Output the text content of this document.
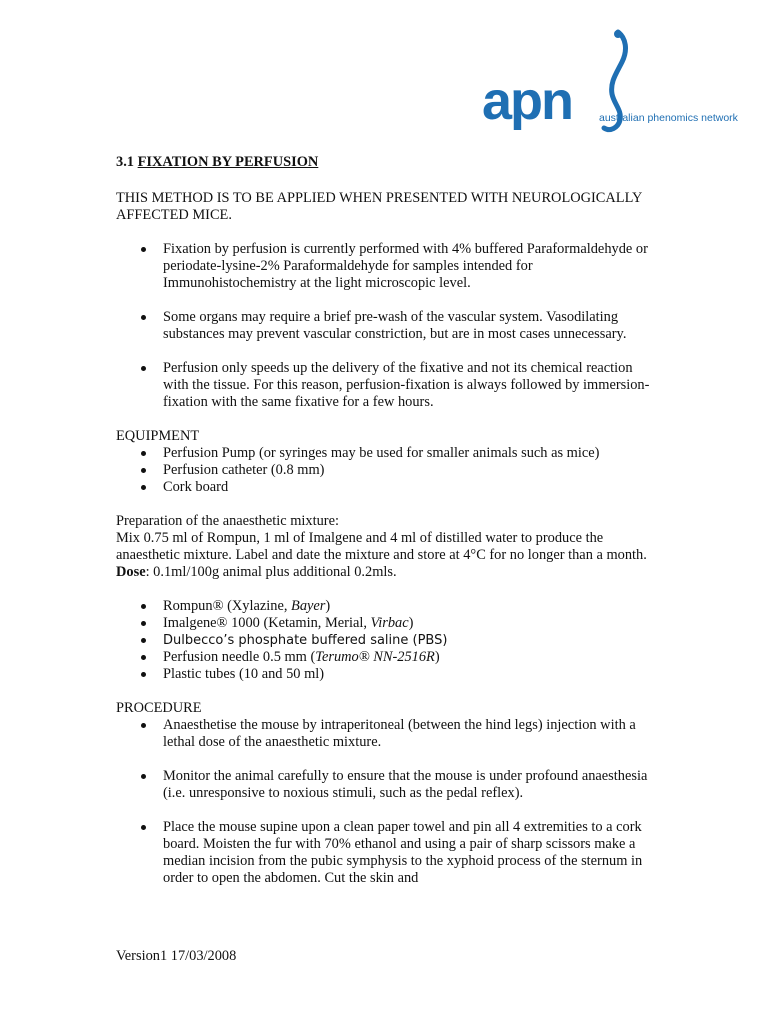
apn	australian phenomics network

3.1 FIXATION BY PERFUSION

THIS METHOD IS TO BE APPLIED WHEN PRESENTED WITH NEUROLOGICALLY AFFECTED MICE.

Fixation by perfusion is currently performed with 4% buffered Paraformaldehyde or periodate-lysine-2% Paraformaldehyde for samples intended for Immunohistochemistry at the light microscopic level.
Some organs may require a brief pre-wash of the vascular system. Vasodilating substances may prevent vascular constriction, but are in most cases unnecessary.
Perfusion only speeds up the delivery of the fixative and not its chemical reaction with the tissue. For this reason, perfusion-fixation is always followed by immersion-fixation with the same fixative for a few hours.

EQUIPMENT

Perfusion Pump (or syringes may be used for smaller animals such as mice)
Perfusion catheter (0.8 mm)
Cork board

Preparation of the anaesthetic mixture:

Mix 0.75 ml of Rompun, 1 ml of Imalgene and 4 ml of distilled water to produce the anaesthetic mixture. Label and date the mixture and store at 4°C for no longer than a month. Dose: 0.1ml/100g animal plus additional 0.2mls.

Rompun® (Xylazine, Bayer)
Imalgene® 1000 (Ketamin, Merial, Virbac)
Dulbecco’s phosphate buffered saline (PBS)
Perfusion needle 0.5 mm (Terumo® NN-2516R)
Plastic tubes (10 and 50 ml)

PROCEDURE

Anaesthetise the mouse by intraperitoneal (between the hind legs) injection with a lethal dose of the anaesthetic mixture.
Monitor the animal carefully to ensure that the mouse is under profound anaesthesia (i.e. unresponsive to noxious stimuli, such as the pedal reflex).
Place the mouse supine upon a clean paper towel and pin all 4 extremities to a cork board. Moisten the fur with 70% ethanol and using a pair of sharp scissors make a median incision from the pubic symphysis to the xyphoid process of the sternum in order to open the abdomen. Cut the skin and
Version1 17/03/2008
